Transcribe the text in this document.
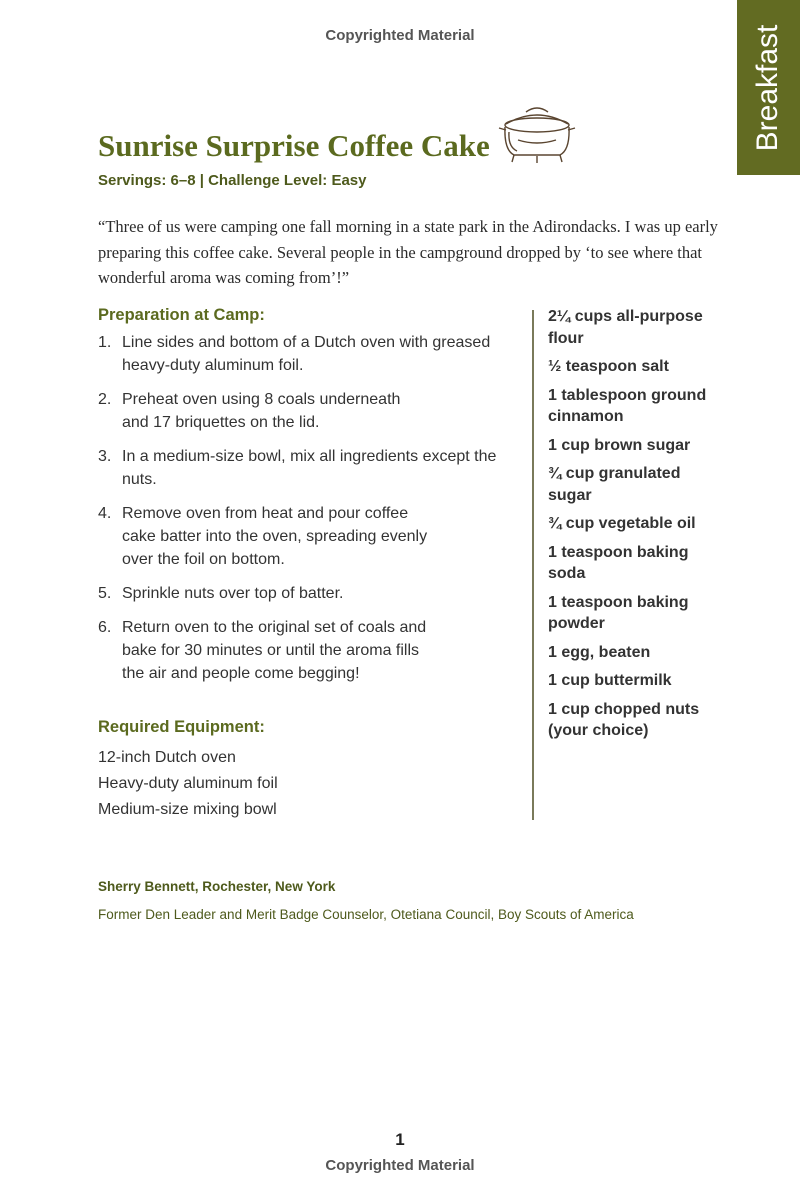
Copyrighted Material	Breakfast
Sunrise Surprise Coffee Cake
Servings: 6–8 | Challenge Level: Easy

“Three of us were camping one fall morning in a state park in the Adirondacks. I was up early preparing this coffee cake. Several people in the campground dropped by ‘to see where that wonderful aroma was coming from’!”

Preparation at Camp:
1. Line sides and bottom of a Dutch oven with greased heavy-duty aluminum foil.
2. Preheat oven using 8 coals underneath and 17 briquettes on the lid.
3. In a medium-size bowl, mix all ingredients except the nuts.
4. Remove oven from heat and pour coffee cake batter into the oven, spreading evenly over the foil on bottom.
5. Sprinkle nuts over top of batter.
6. Return oven to the original set of coals and bake for 30 minutes or until the aroma fills the air and people come begging!
Required Equipment:
12-inch Dutch oven
Heavy-duty aluminum foil
Medium-size mixing bowl
2¼ cups all-purpose flour
½ teaspoon salt
1 tablespoon ground cinnamon
1 cup brown sugar
¾ cup granulated sugar
¾ cup vegetable oil
1 teaspoon baking soda
1 teaspoon baking powder
1 egg, beaten
1 cup buttermilk
1 cup chopped nuts (your choice)
Sherry Bennett, Rochester, New York
Former Den Leader and Merit Badge Counselor, Otetiana Council, Boy Scouts of America
1
Copyrighted Material
